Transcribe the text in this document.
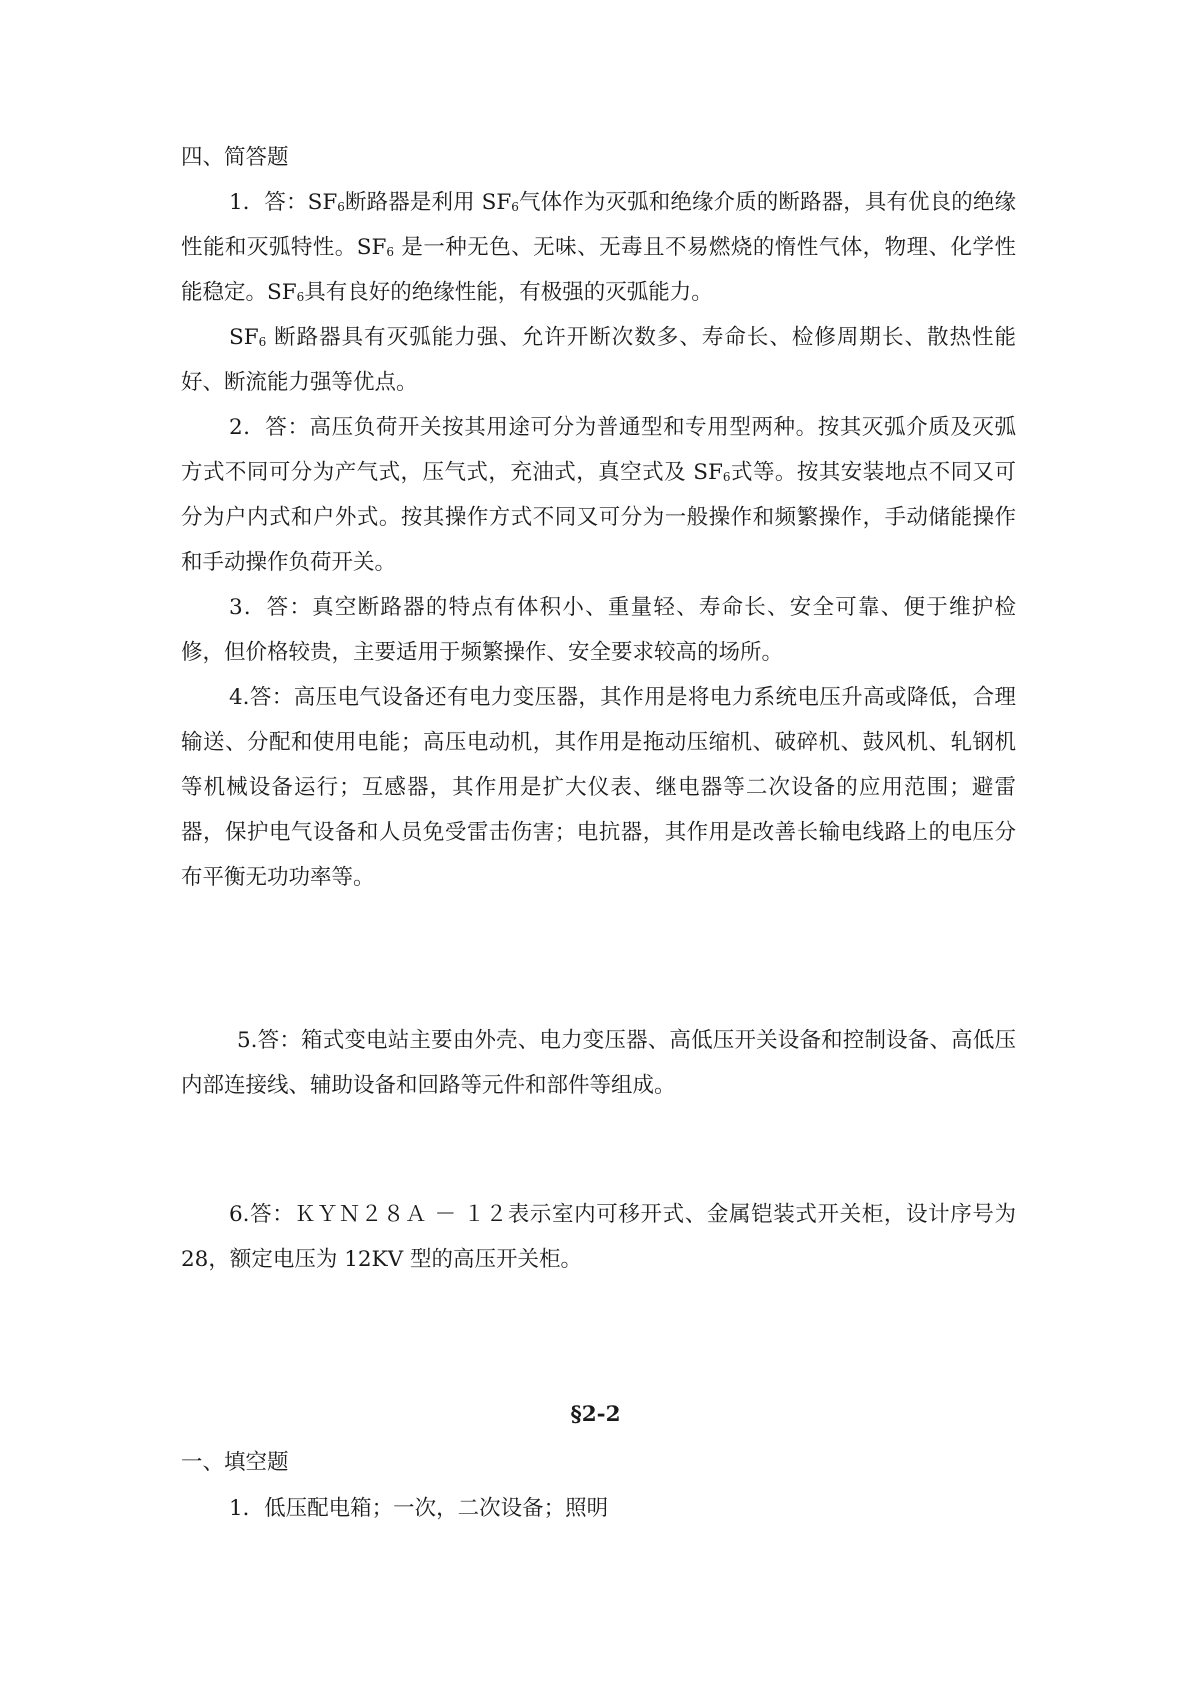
四、简答题
1．答：$SF_6$断路器是利用 $SF_6$气体作为灭弧和绝缘介质的断路器，具有优良的绝缘性能和灭弧特性。$SF_6$ 是一种无色、无味、无毒且不易燃烧的惰性气体，物理、化学性能稳定。$SF_6$具有良好的绝缘性能，有极强的灭弧能力。
$SF_6$ 断路器具有灭弧能力强、允许开断次数多、寿命长、检修周期长、散热性能好、断流能力强等优点。
2．答：高压负荷开关按其用途可分为普通型和专用型两种。按其灭弧介质及灭弧方式不同可分为产气式，压气式，充油式，真空式及 $SF_6$式等。按其安装地点不同又可分为户内式和户外式。按其操作方式不同又可分为一般操作和频繁操作，手动储能操作和手动操作负荷开关。
3．答：真空断路器的特点有体积小、重量轻、寿命长、安全可靠、便于维护检修，但价格较贵，主要适用于频繁操作、安全要求较高的场所。
4.答：高压电气设备还有电力变压器，其作用是将电力系统电压升高或降低，合理输送、分配和使用电能；高压电动机，其作用是拖动压缩机、破碎机、鼓风机、轧钢机等机械设备运行；互感器，其作用是扩大仪表、继电器等二次设备的应用范围；避雷器，保护电气设备和人员免受雷击伤害；电抗器，其作用是改善长输电线路上的电压分布平衡无功功率等。
5.答：箱式变电站主要由外壳、电力变压器、高低压开关设备和控制设备、高低压内部连接线、辅助设备和回路等元件和部件等组成。
6.答：ＫＹＮ２８Ａ － １２表示室内可移开式、金属铠装式开关柜，设计序号为 28，额定电压为 12KV 型的高压开关柜。
§2-2
一、填空题
1．低压配电箱；一次，二次设备；照明
